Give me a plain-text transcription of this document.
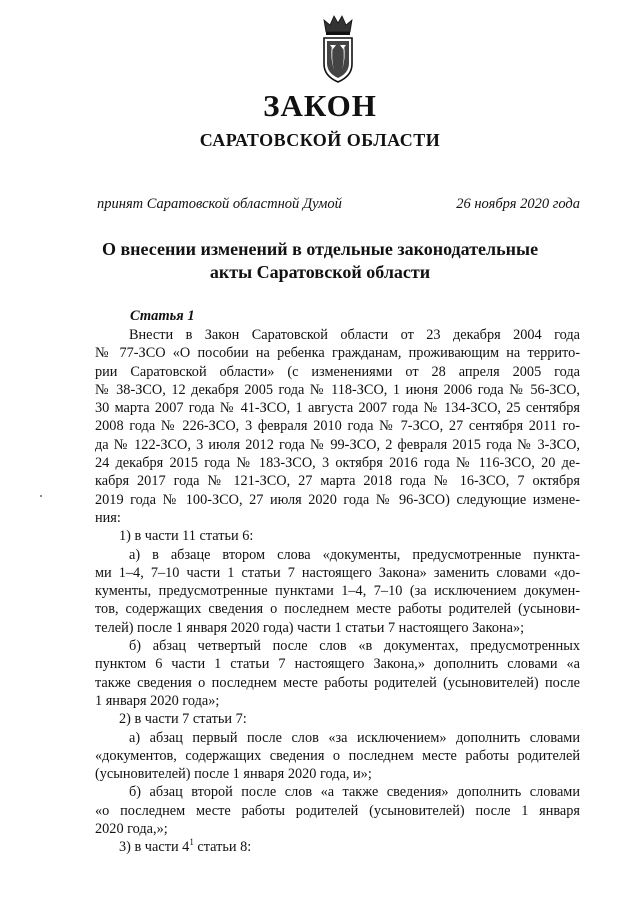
ЗАКОН
САРАТОВСКОЙ ОБЛАСТИ
принят Саратовской областной Думой	26 ноября 2020 года
О внесении изменений в отдельные законодательные
акты Саратовской области
Статья 1
Внести в Закон Саратовской области от 23 декабря 2004 года
№ 77-ЗСО «О пособии на ребенка гражданам, проживающим на террито-
рии Саратовской области» (с изменениями от 28 апреля 2005 года
№ 38-ЗСО, 12 декабря 2005 года № 118-ЗСО, 1 июня 2006 года № 56-ЗСО,
30 марта 2007 года № 41-ЗСО, 1 августа 2007 года № 134-ЗСО, 25 сентября
2008 года № 226-ЗСО, 3 февраля 2010 года № 7-ЗСО, 27 сентября 2011 го-
да № 122-ЗСО, 3 июля 2012 года № 99-ЗСО, 2 февраля 2015 года № 3-ЗСО,
24 декабря 2015 года № 183-ЗСО, 3 октября 2016 года № 116-ЗСО, 20 де-
кабря 2017 года № 121-ЗСО, 27 марта 2018 года № 16-ЗСО, 7 октября
2019 года № 100-ЗСО, 27 июля 2020 года № 96-ЗСО) следующие измене-
ния:
1) в части 11 статьи 6:
а) в абзаце втором слова «документы, предусмотренные пункта-
ми 1–4, 7–10 части 1 статьи 7 настоящего Закона» заменить словами «до-
кументы, предусмотренные пунктами 1–4, 7–10 (за исключением докумен-
тов, содержащих сведения о последнем месте работы родителей (усынови-
телей) после 1 января 2020 года) части 1 статьи 7 настоящего Закона»;
б) абзац четвертый после слов «в документах, предусмотренных
пунктом 6 части 1 статьи 7 настоящего Закона,» дополнить словами «а
также сведения о последнем месте работы родителей (усыновителей) после
1 января 2020 года»;
2) в части 7 статьи 7:
а) абзац первый после слов «за исключением» дополнить словами
«документов, содержащих сведения о последнем месте работы родителей
(усыновителей) после 1 января 2020 года, и»;
б) абзац второй после слов «а также сведения» дополнить словами
«о последнем месте работы родителей (усыновителей) после 1 января
2020 года,»;
3) в части $4^1$ статьи 8:
